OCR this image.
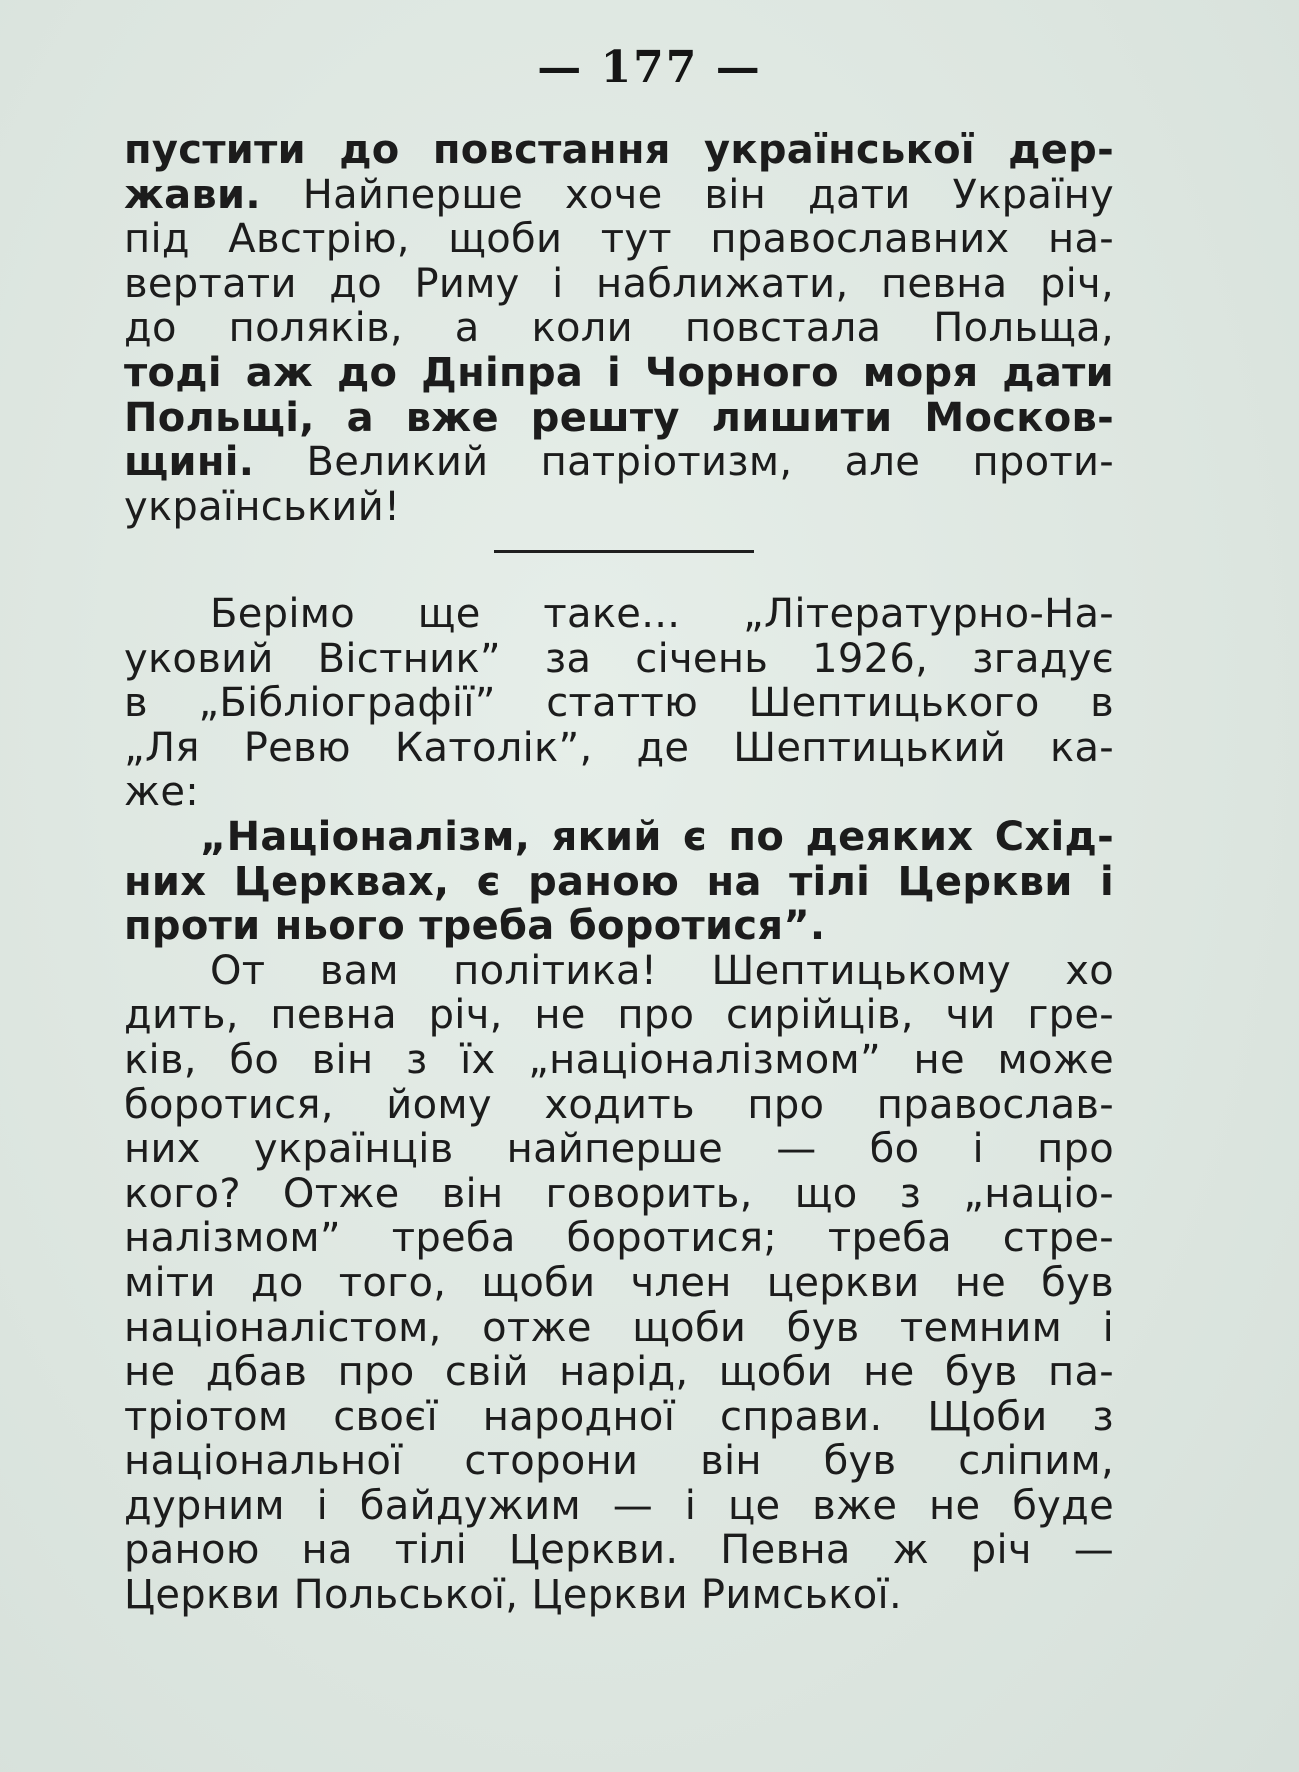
— 177 —
пустити до повстання української дер-
жави. Найперше хоче він дати Україну
під Австрію, щоби тут православних на-
вертати до Риму і наближати, певна річ,
до поляків, а коли повстала Польща,
тоді аж до Дніпра і Чорного моря дати
Польщі, а вже решту лишити Москов-
щині. Великий патріотизм, але проти-
український!
Берімо ще таке... „Літературно-На-
уковий Вістник” за січень 1926, згадує
в „Бібліографії” статтю Шептицького в
„Ля Ревю Католік”, де Шептицький ка-
же:
„Націоналізм, який є по деяких Схід-
них Церквах, є раною на тілі Церкви і
проти нього треба боротися”.
От вам політика! Шептицькому хо
дить, певна річ, не про сирійців, чи гре-
ків, бо він з їх „націоналізмом” не може
боротися, йому ходить про православ-
них українців найперше — бо і про
кого? Отже він говорить, що з „націо-
налізмом” треба боротися; треба стре-
міти до того, щоби член церкви не був
націоналістом, отже щоби був темним і
не дбав про свій нарід, щоби не був па-
тріотом своєї народної справи. Щоби з
національної сторони він був сліпим,
дурним і байдужим — і це вже не буде
раною на тілі Церкви. Певна ж річ —
Церкви Польської, Церкви Римської.
